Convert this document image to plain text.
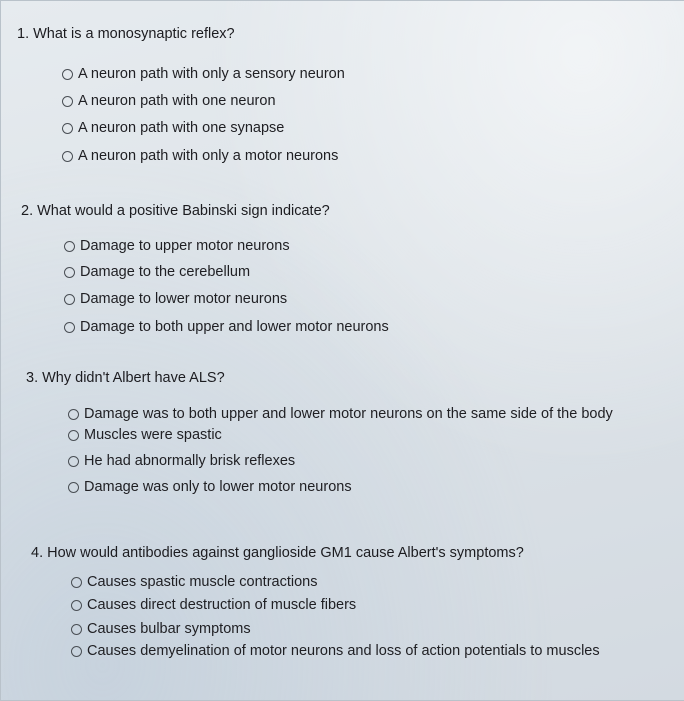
1. What is a monosynaptic reflex?
A neuron path with only a sensory neuron
A neuron path with one neuron
A neuron path with one synapse
A neuron path with only a motor neurons
2. What would a positive Babinski sign indicate?
Damage to upper motor neurons
Damage to the cerebellum
Damage to lower motor neurons
Damage to both upper and lower motor neurons
3. Why didn't Albert have ALS?
Damage was to both upper and lower motor neurons on the same side of the body
Muscles were spastic
He had abnormally brisk reflexes
Damage was only to lower motor neurons
4. How would antibodies against ganglioside GM1 cause Albert's symptoms?
Causes spastic muscle contractions
Causes direct destruction of muscle fibers
Causes bulbar symptoms
Causes demyelination of motor neurons and loss of action potentials to muscles
